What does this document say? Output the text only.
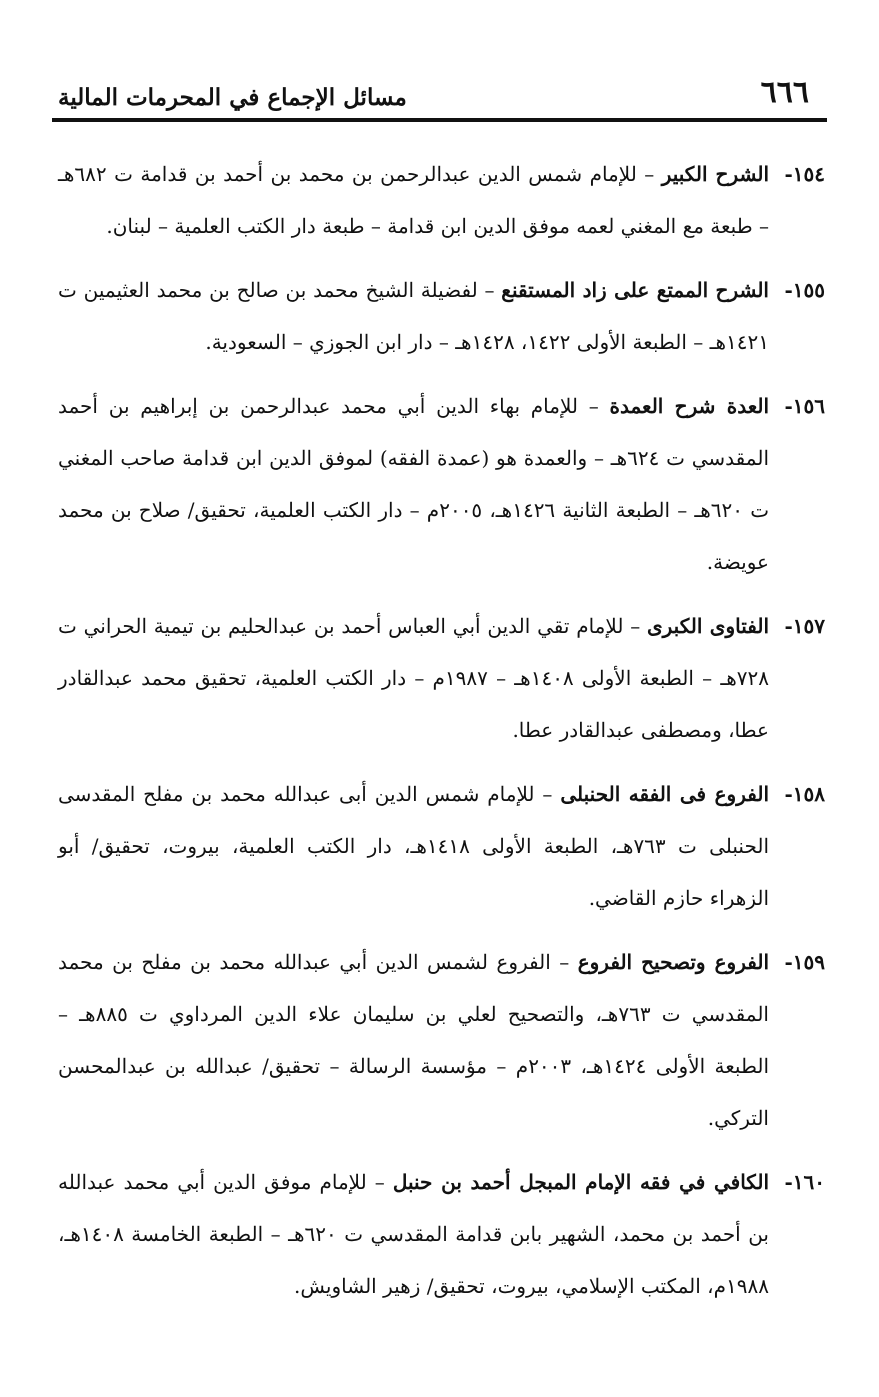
٦٦٦
مسائل الإجماع في المحرمات المالية
١٥٤-
الشرح الكبير – للإمام شمس الدين عبدالرحمن بن محمد بن أحمد بن قدامة ت ٦٨٢هـ – طبعة مع المغني لعمه موفق الدين ابن قدامة – طبعة دار الكتب العلمية – لبنان.
١٥٥-
الشرح الممتع على زاد المستقنع – لفضيلة الشيخ محمد بن صالح بن محمد العثيمين ت ١٤٢١هـ – الطبعة الأولى ١٤٢٢، ١٤٢٨هـ – دار ابن الجوزي – السعودية.
١٥٦-
العدة شرح العمدة – للإمام بهاء الدين أبي محمد عبدالرحمن بن إبراهيم بن أحمد المقدسي ت ٦٢٤هـ – والعمدة هو (عمدة الفقه) لموفق الدين ابن قدامة صاحب المغني ت ٦٢٠هـ – الطبعة الثانية ١٤٢٦هـ، ٢٠٠٥م – دار الكتب العلمية، تحقيق/ صلاح بن محمد عويضة.
١٥٧-
الفتاوى الكبرى – للإمام تقي الدين أبي العباس أحمد بن عبدالحليم بن تيمية الحراني ت ٧٢٨هـ – الطبعة الأولى ١٤٠٨هـ – ١٩٨٧م – دار الكتب العلمية، تحقيق محمد عبدالقادر عطا، ومصطفى عبدالقادر عطا.
١٥٨-
الفروع فى الفقه الحنبلى – للإمام شمس الدين أبى عبدالله محمد بن مفلح المقدسى الحنبلى ت ٧٦٣هـ، الطبعة الأولى ١٤١٨هـ، دار الكتب العلمية، بيروت، تحقيق/ أبو الزهراء حازم القاضي.
١٥٩-
الفروع وتصحيح الفروع – الفروع لشمس الدين أبي عبدالله محمد بن مفلح بن محمد المقدسي ت ٧٦٣هـ، والتصحيح لعلي بن سليمان علاء الدين المرداوي ت ٨٨٥هـ – الطبعة الأولى ١٤٢٤هـ، ٢٠٠٣م – مؤسسة الرسالة – تحقيق/ عبدالله بن عبدالمحسن التركي.
١٦٠-
الكافي في فقه الإمام المبجل أحمد بن حنبل – للإمام موفق الدين أبي محمد عبدالله بن أحمد بن محمد، الشهير بابن قدامة المقدسي ت ٦٢٠هـ – الطبعة الخامسة ١٤٠٨هـ، ١٩٨٨م، المكتب الإسلامي، بيروت، تحقيق/ زهير الشاويش.
